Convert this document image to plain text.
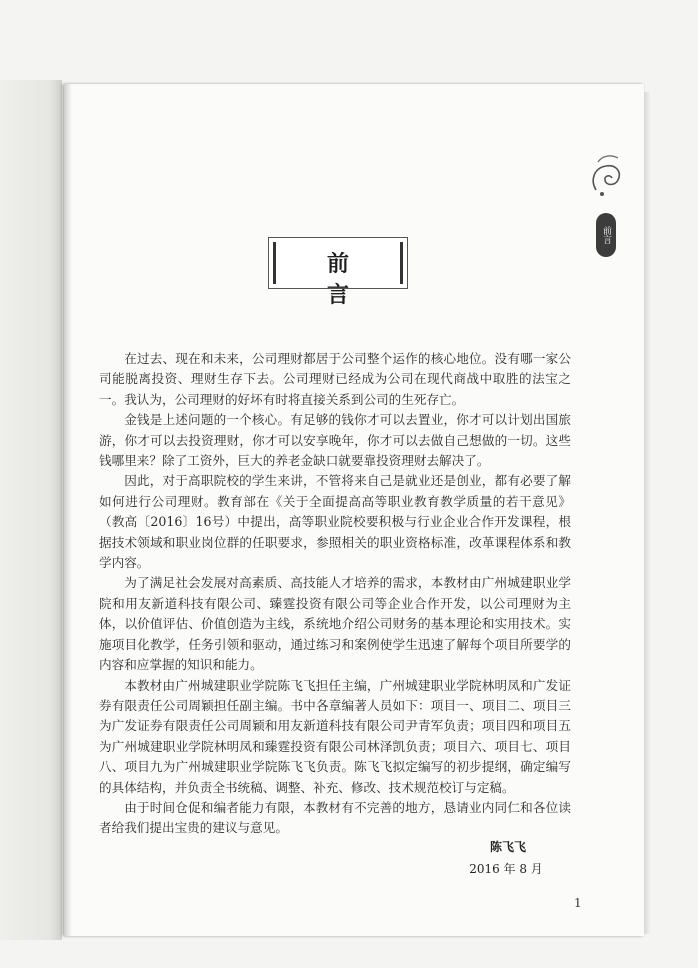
前言
前 言

在过去、现在和未来，公司理财都居于公司整个运作的核心地位。没有哪一家公司能脱离投资、理财生存下去。公司理财已经成为公司在现代商战中取胜的法宝之一。我认为，公司理财的好坏有时将直接关系到公司的生死存亡。

金钱是上述问题的一个核心。有足够的钱你才可以去置业，你才可以计划出国旅游，你才可以去投资理财，你才可以安享晚年，你才可以去做自己想做的一切。这些钱哪里来？除了工资外，巨大的养老金缺口就要靠投资理财去解决了。

因此，对于高职院校的学生来讲，不管将来自己是就业还是创业，都有必要了解如何进行公司理财。教育部在《关于全面提高高等职业教育教学质量的若干意见》（教高〔2016〕16号）中提出，高等职业院校要积极与行业企业合作开发课程，根据技术领域和职业岗位群的任职要求，参照相关的职业资格标准，改革课程体系和教学内容。

为了满足社会发展对高素质、高技能人才培养的需求，本教材由广州城建职业学院和用友新道科技有限公司、臻霆投资有限公司等企业合作开发，以公司理财为主体，以价值评估、价值创造为主线，系统地介绍公司财务的基本理论和实用技术。实施项目化教学，任务引领和驱动，通过练习和案例使学生迅速了解每个项目所要学的内容和应掌握的知识和能力。

本教材由广州城建职业学院陈飞飞担任主编，广州城建职业学院林明凤和广发证券有限责任公司周颖担任副主编。书中各章编著人员如下：项目一、项目二、项目三为广发证券有限责任公司周颖和用友新道科技有限公司尹青军负责；项目四和项目五为广州城建职业学院林明凤和臻霆投资有限公司林泽凯负责；项目六、项目七、项目八、项目九为广州城建职业学院陈飞飞负责。陈飞飞拟定编写的初步提纲，确定编写的具体结构，并负责全书统稿、调整、补充、修改、技术规范校订与定稿。

由于时间仓促和编者能力有限，本教材有不完善的地方，恳请业内同仁和各位读者给我们提出宝贵的建议与意见。

陈飞飞
2016 年 8 月
1
